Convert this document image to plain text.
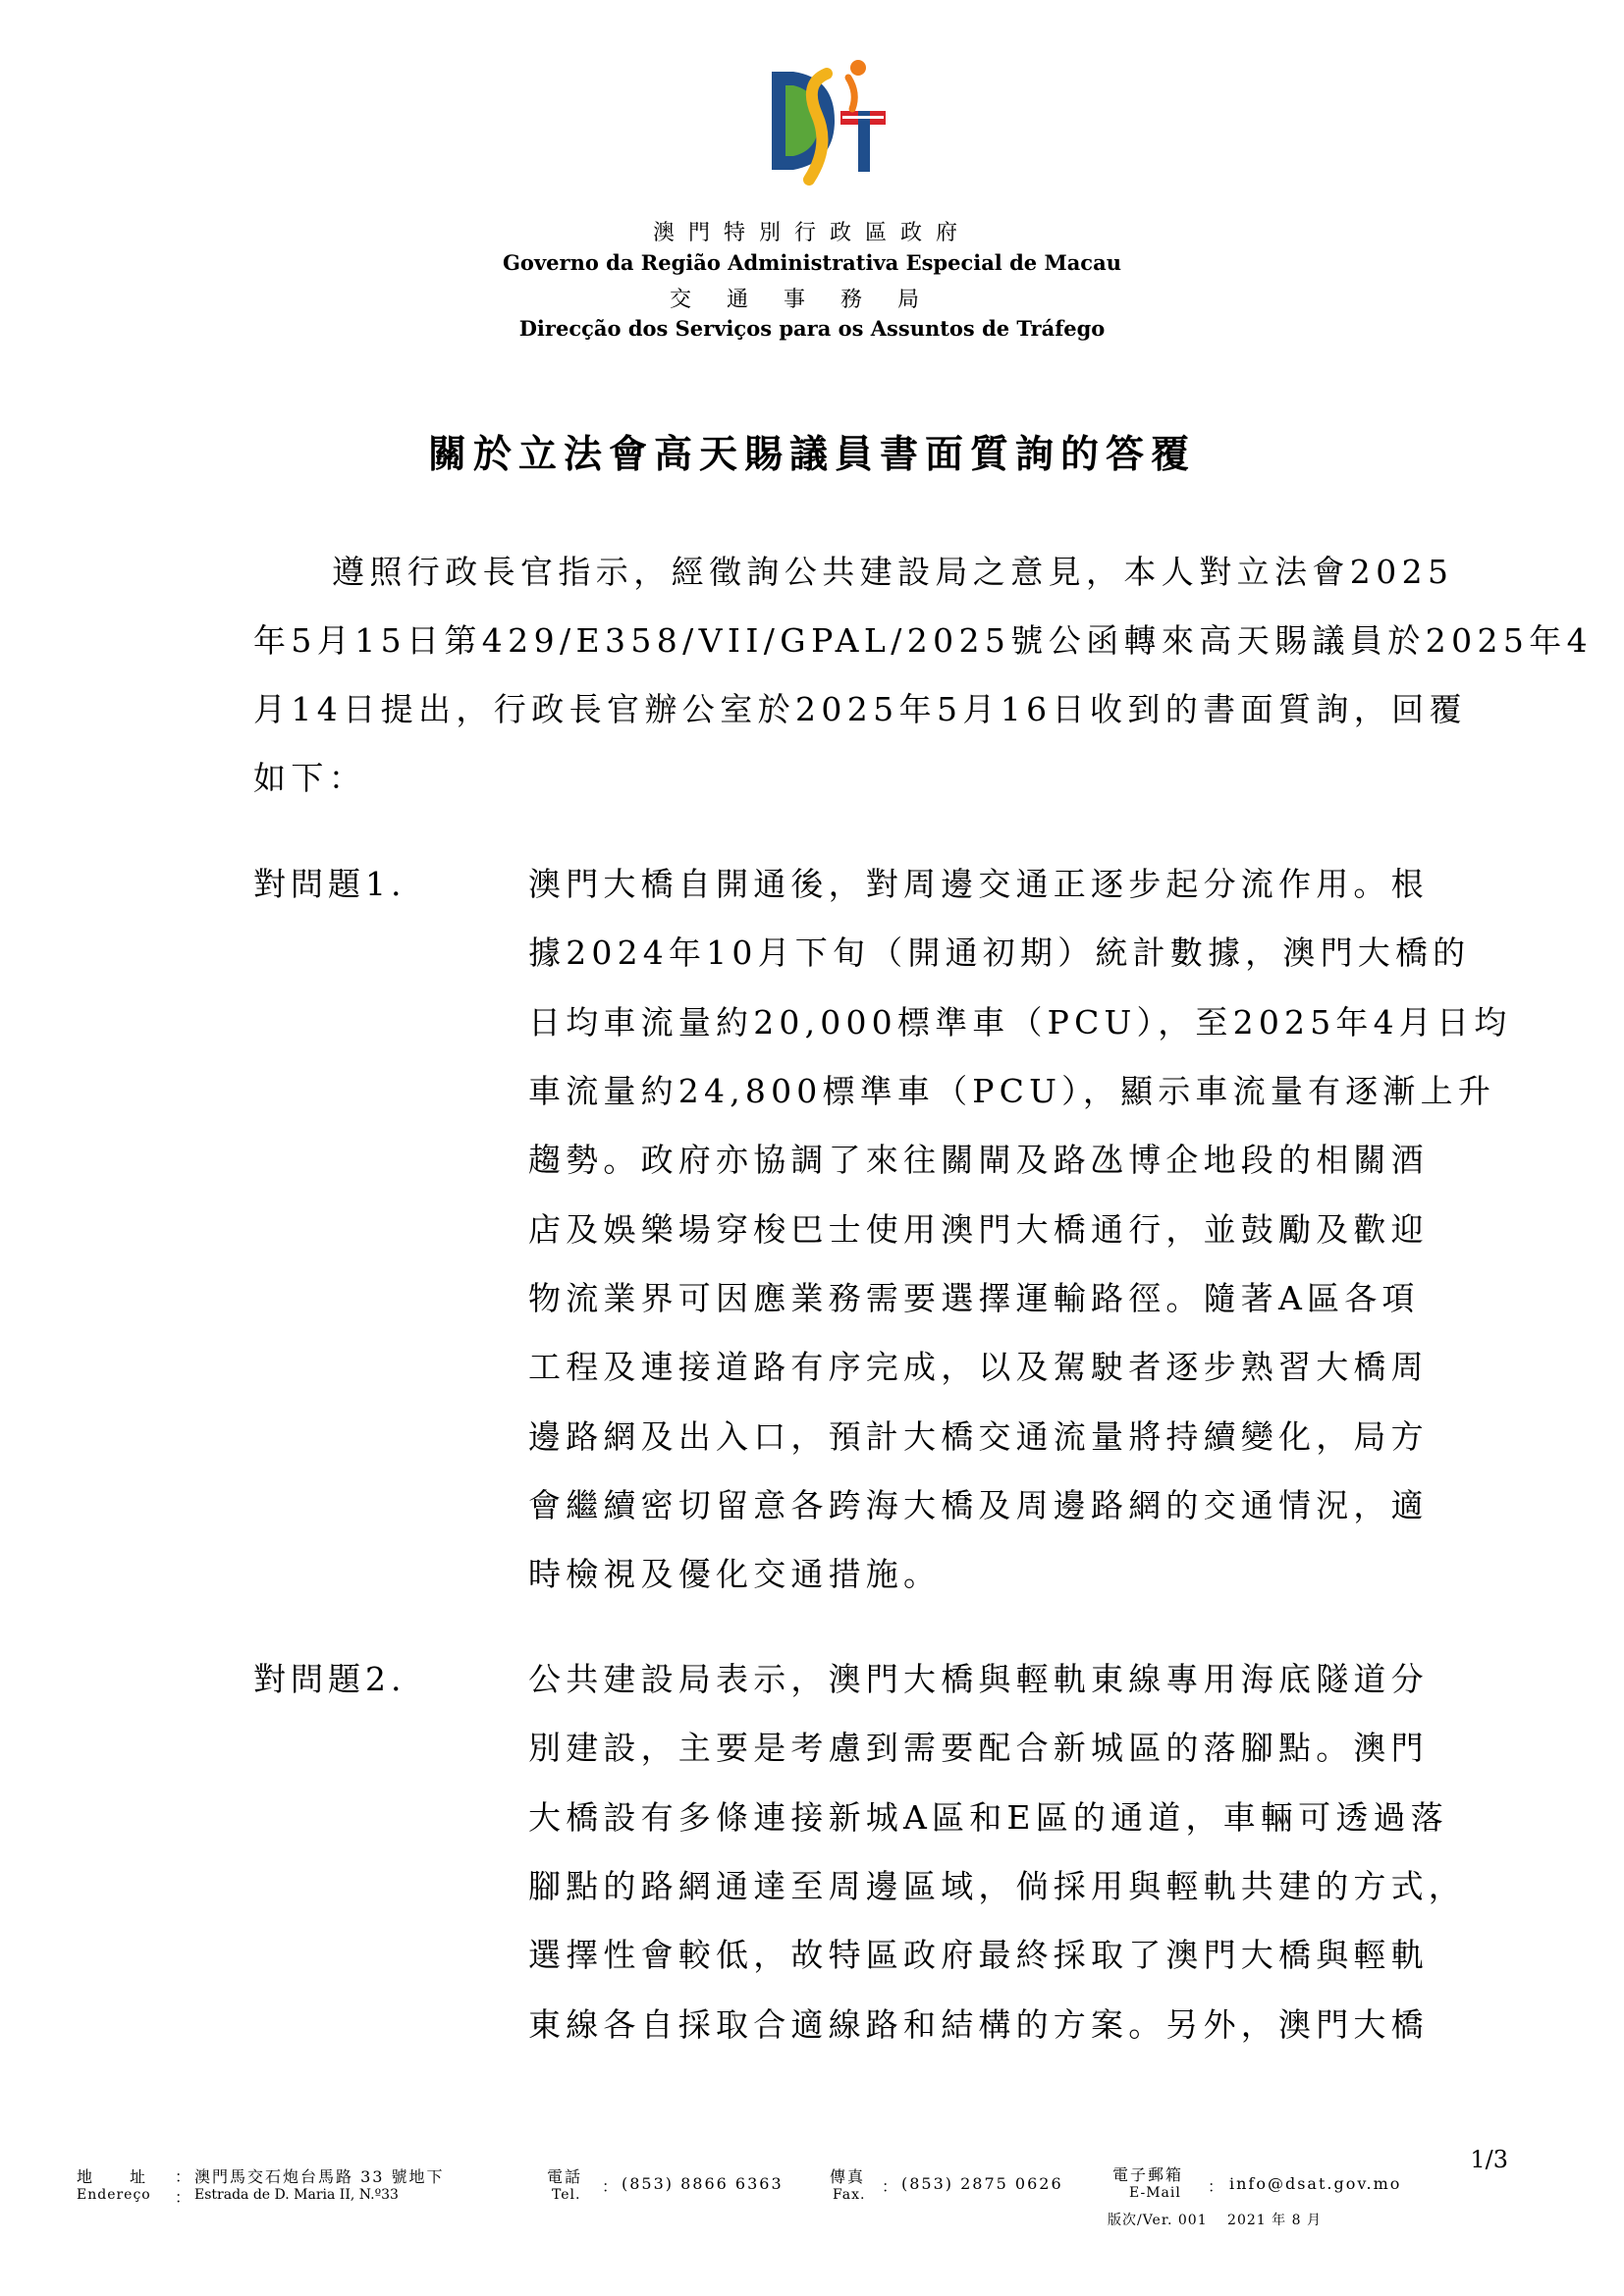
澳門特別行政區政府
Governo da Região Administrativa Especial de Macau
交通事務局
Direcção dos Serviços para os Assuntos de Tráfego
關於立法會高天賜議員書面質詢的答覆
遵照行政長官指示，經徵詢公共建設局之意見，本人對立法會2025
年5月15日第429/E358/VII/GPAL/2025號公函轉來高天賜議員於2025年4
月14日提出，行政長官辦公室於2025年5月16日收到的書面質詢，回覆
如下：
對問題1.	澳門大橋自開通後，對周邊交通正逐步起分流作用。根
據2024年10月下旬（開通初期）統計數據，澳門大橋的
日均車流量約20,000標準車（PCU），至2025年4月日均
車流量約24,800標準車（PCU），顯示車流量有逐漸上升
趨勢。政府亦協調了來往關閘及路氹博企地段的相關酒
店及娛樂場穿梭巴士使用澳門大橋通行，並鼓勵及歡迎
物流業界可因應業務需要選擇運輸路徑。隨著A區各項
工程及連接道路有序完成，以及駕駛者逐步熟習大橋周
邊路網及出入口，預計大橋交通流量將持續變化，局方
會繼續密切留意各跨海大橋及周邊路網的交通情況，適
時檢視及優化交通措施。
對問題2.	公共建設局表示，澳門大橋與輕軌東線專用海底隧道分
別建設，主要是考慮到需要配合新城區的落腳點。澳門
大橋設有多條連接新城A區和E區的通道，車輛可透過落
腳點的路網通達至周邊區域，倘採用與輕軌共建的方式，
選擇性會較低，故特區政府最終採取了澳門大橋與輕軌
東線各自採取合適線路和結構的方案。另外，澳門大橋
1/3
地　　址
Endereço
：
：
澳門馬交石炮台馬路 33 號地下
Estrada de D. Maria II, N.º33
電話
Tel. ： (853) 8866 6363	傳真
Fax. ： (853) 2875 0626	電子郵箱
E-Mail ： info@dsat.gov.mo
版次/Ver. 001　 2021 年 8 月
